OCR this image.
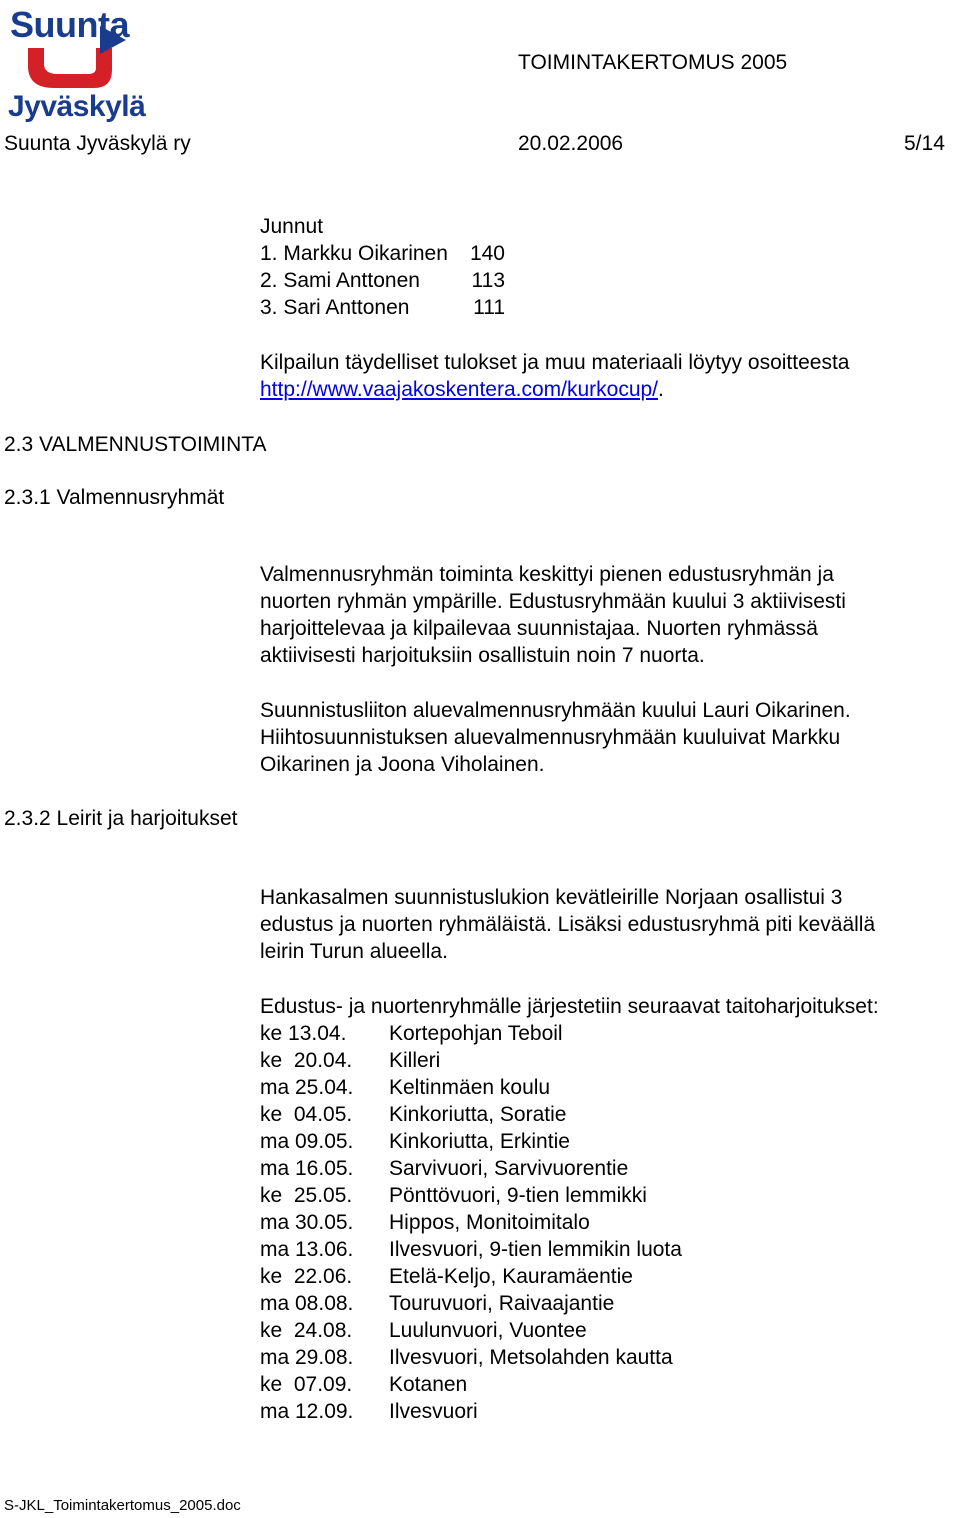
Suunta
Jyväskylä
TOIMINTAKERTOMUS 2005
Suunta Jyväskylä ry	20.02.2006	5/14
Junnut
1. Markku Oikarinen 140
2. Sami Anttonen 113
3. Sari Anttonen	111
Kilpailun täydelliset tulokset ja muu materiaali löytyy osoitteesta
http://www.vaajakoskentera.com/kurkocup/.
2.3 VALMENNUSTOIMINTA
2.3.1 Valmennusryhmät
2.3.2 Leirit ja harjoitukset
Valmennusryhmän toiminta keskittyi pienen edustusryhmän ja
nuorten ryhmän ympärille. Edustusryhmään kuului 3 aktiivisesti
harjoittelevaa ja kilpailevaa suunnistajaa. Nuorten ryhmässä
aktiivisesti harjoituksiin osallistuin noin 7 nuorta.
Suunnistusliiton aluevalmennusryhmään kuului Lauri Oikarinen.
Hiihtosuunnistuksen aluevalmennusryhmään kuuluivat Markku
Oikarinen ja Joona Viholainen.
Hankasalmen suunnistuslukion kevätleirille Norjaan osallistui 3
edustus ja nuorten ryhmäläistä. Lisäksi edustusryhmä piti keväällä
leirin Turun alueella.
Edustus- ja nuortenryhmälle järjestetiin seuraavat taitoharjoitukset:
ke 13.04. Kortepohjan Teboil
ke  20.04. Killeri
ma 25.04. Keltinmäen koulu
ke  04.05. Kinkoriutta, Soratie
ma 09.05. Kinkoriutta, Erkintie
ma 16.05. Sarvivuori, Sarvivuorentie
ke  25.05. Pönttövuori, 9-tien lemmikki
ma 30.05. Hippos, Monitoimitalo
ma 13.06. Ilvesvuori, 9-tien lemmikin luota
ke  22.06. Etelä-Keljo, Kauramäentie
ma 08.08. Touruvuori, Raivaajantie
ke  24.08. Luulunvuori, Vuontee
ma 29.08. Ilvesvuori, Metsolahden kautta
ke  07.09. Kotanen
ma 12.09. Ilvesvuori
S-JKL_Toimintakertomus_2005.doc
